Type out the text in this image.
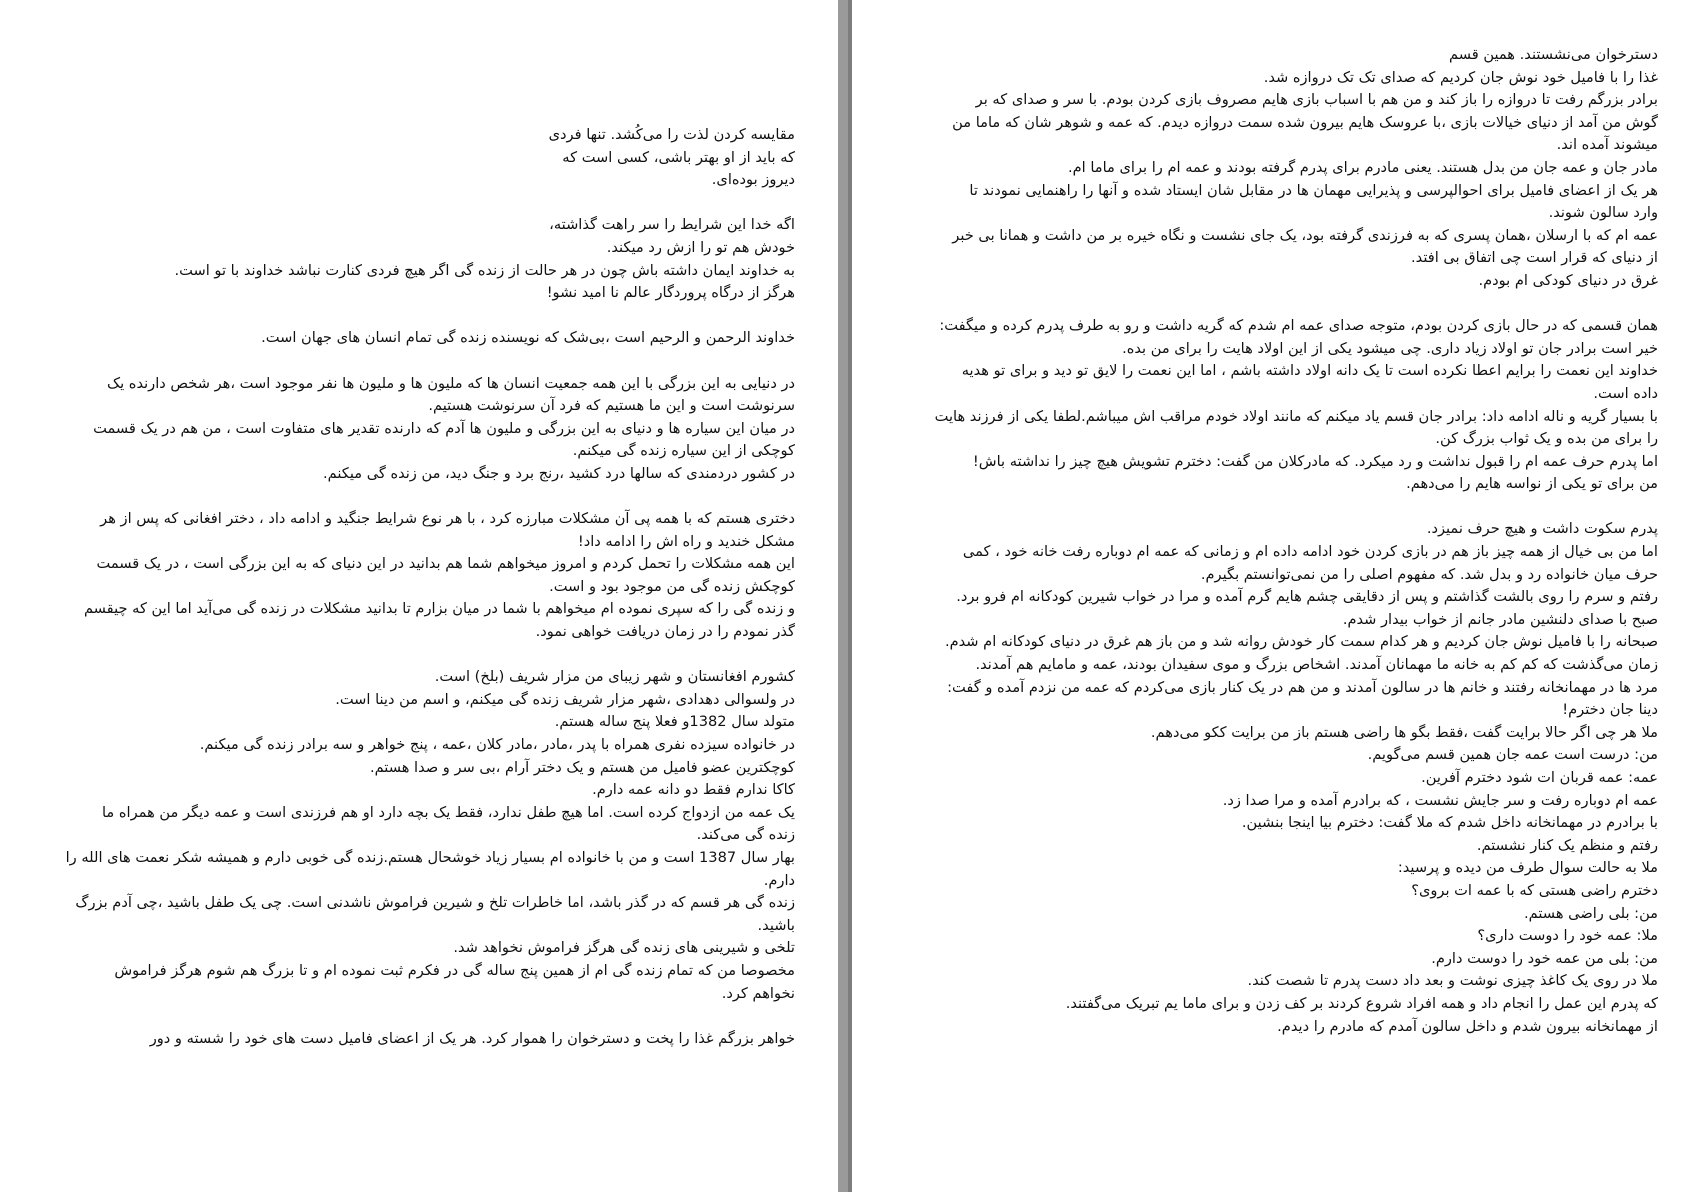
مقایسه کردن لذت را می‌کُشد. تنها فردی
که باید از او بهتر باشی، کسی است که
دیروز بوده‌ای.
اگه خدا این شرایط را سر راهت گذاشته،
خودش هم تو را ازش رد میکند.
به خداوند ایمان داشته باش چون در هر حالت از زنده گی اگر هیچ فردی کنارت نباشد خداوند با تو است.
هرگز از درگاه پروردگار عالم نا امید نشو!
خداوند الرحمن و الرحیم است ،بی‌شک که نویسنده زنده گی تمام انسان های جهان است.
در دنیایی به این بزرگی با این همه جمعیت انسان ها که ملیون ها و ملیون ها نفر موجود است ،هر شخص دارنده یک
سرنوشت است و این ما هستیم که فرد آن سرنوشت هستیم.
در میان این سیاره ها و دنیای به این بزرگی و ملیون ها آدم که دارنده تقدیر های متفاوت است ، من هم در یک قسمت
کوچکی از این سیاره زنده گی میکنم.
در کشور دردمندی که سالها درد کشید ،رنج برد و جنگ دید، من زنده گی میکنم.
دختری هستم که با همه پی آن مشکلات مبارزه کرد ، با هر نوع شرایط جنگید و ادامه داد ، دختر افغانی که پس از هر
مشکل خندید و راه اش را ادامه داد!
این همه مشکلات را تحمل کردم و امروز میخواهم شما هم بدانید در این دنیای که به این بزرگی است ، در یک قسمت
کوچکش زنده گی من موجود بود و است.
و زنده گی را که سپری نموده ام میخواهم با شما در میان بزارم تا بدانید مشکلات در زنده گی می‌آید اما این که چیقسم
گذر نمودم را در زمان دریافت خواهی نمود.
کشورم افغانستان و شهر زیبای من مزار شریف (بلخ) است.
در ولسوالی دهدادی ،شهر مزار شریف زنده گی میکنم، و اسم من دینا است.
متولد سال 1382و فعلا پنج ساله هستم.
در خانواده سیزده نفری همراه با پدر ،مادر ،مادر کلان ،عمه ، پنج خواهر و سه برادر زنده گی میکنم.
کوچکترین عضو فامیل من هستم و یک دختر آرام ،بی سر و صدا هستم.
کاکا ندارم فقط دو دانه عمه دارم.
یک عمه من ازدواج کرده است. اما هیچ طفل ندارد، فقط یک بچه دارد او هم فرزندی است و عمه دیگر من همراه ما
زنده گی می‌کند.
بهار سال 1387 است و من با خانواده ام بسیار زیاد خوشحال هستم.زنده گی خوبی دارم و همیشه شکر نعمت های الله را
دارم.
زنده گی هر قسم که در گذر باشد، اما خاطرات تلخ و شیرین فراموش ناشدنی است. چی یک طفل باشید ،چی آدم بزرگ
باشید.
تلخی و شیرینی های زنده گی هرگز فراموش نخواهد شد.
مخصوصا من که تمام زنده گی ام از همین پنج ساله گی در فکرم ثبت نموده ام و تا بزرگ هم شوم هرگز فراموش
نخواهم کرد.
خواهر بزرگم غذا را پخت و دسترخوان را هموار کرد. هر یک از اعضای فامیل دست های خود را شسته و دور
دسترخوان می‌نشستند. همین قسم
غذا را با فامیل خود نوش جان کردیم که صدای تک تک دروازه شد.
برادر بزرگم رفت تا دروازه را باز کند و من هم با اسباب بازی هایم مصروف بازی کردن بودم. با سر و صدای که بر
گوش من آمد از دنیای خیالات بازی ،با عروسک هایم بیرون شده سمت دروازه دیدم. که عمه و شوهر شان که ماما من
میشوند آمده اند.
مادر جان و عمه جان من بدل هستند. یعنی مادرم برای پدرم گرفته بودند و عمه ام را برای ماما ام.
هر یک از اعضای فامیل برای احوالپرسی و پذیرایی مهمان ها در مقابل شان ایستاد شده و آنها را راهنمایی نمودند تا
وارد سالون شوند.
عمه ام که با ارسلان ،همان پسری که به فرزندی گرفته بود، یک جای نشست و نگاه خیره بر من داشت و همانا بی خبر
از دنیای که قرار است چی اتفاق بی افتد.
غرق در دنیای کودکی ام بودم.
همان قسمی که در حال بازی کردن بودم، متوجه صدای عمه ام شدم که گریه داشت و رو به طرف پدرم کرده و میگفت:
خیر است برادر جان تو اولاد زیاد داری. چی میشود یکی از این اولاد هایت را برای من بده.
خداوند این نعمت را برایم اعطا نکرده است تا یک دانه اولاد داشته باشم ، اما این نعمت را لایق تو دید و برای تو هدیه
داده است.
با بسیار گریه و ناله ادامه داد: برادر جان قسم یاد میکنم که مانند اولاد خودم مراقب اش میباشم.لطفا یکی از فرزند هایت
را برای من بده و یک ثواب بزرگ کن.
اما پدرم حرف عمه ام را قبول نداشت و رد میکرد. که مادرکلان من گفت: دخترم تشویش هیچ چیز را نداشته باش!
من برای تو یکی از نواسه هایم را می‌دهم.
پدرم سکوت داشت و هیچ حرف نمیزد.
اما من بی خیال از همه چیز باز هم در بازی کردن خود ادامه داده ام و زمانی که عمه ام دوباره رفت خانه خود ، کمی
حرف میان خانواده رد و بدل شد. که مفهوم اصلی را من نمی‌توانستم بگیرم.
رفتم و سرم را روی بالشت گذاشتم و پس از دقایقی چشم هایم گرم آمده و مرا در خواب شیرین کودکانه ام فرو برد.
صبح با صدای دلنشین مادر جانم از خواب بیدار شدم.
صبحانه را با فامیل نوش جان کردیم و هر کدام سمت کار خودش روانه شد و من باز هم غرق در دنیای کودکانه ام شدم.
زمان می‌گذشت که کم کم به خانه ما مهمانان آمدند. اشخاص بزرگ و موی سفیدان بودند، عمه و مامایم هم آمدند.
مرد ها در مهمانخانه رفتند و خانم ها در سالون آمدند و من هم در یک کنار بازی می‌کردم که عمه من نزدم آمده و گفت:
دینا جان دخترم!
ملا هر چی اگر حالا برایت گفت ،فقط بگو ها راضی هستم باز من برایت ککو می‌دهم.
من: درست است عمه جان همین قسم می‌گویم.
عمه: عمه قربان ات شود دخترم آفرین.
عمه ام دوباره رفت و سر جایش نشست ، که برادرم آمده و مرا صدا زد.
با برادرم در مهمانخانه داخل شدم که ملا گفت: دخترم بیا اینجا بنشین.
رفتم و منظم یک کنار نشستم.
ملا به حالت سوال طرف من دیده و پرسید:
دخترم راضی هستی که با عمه ات بروی؟
من: بلی راضی هستم.
ملا: عمه خود را دوست داری؟
من: بلی من عمه خود را دوست دارم.
ملا در روی یک کاغذ چیزی نوشت و بعد داد دست پدرم تا شصت کند.
که پدرم این عمل را انجام داد و همه افراد شروع کردند بر کف زدن و برای ماما یم تبریک می‌گفتند.
از مهمانخانه بیرون شدم و داخل سالون آمدم که مادرم را دیدم.
